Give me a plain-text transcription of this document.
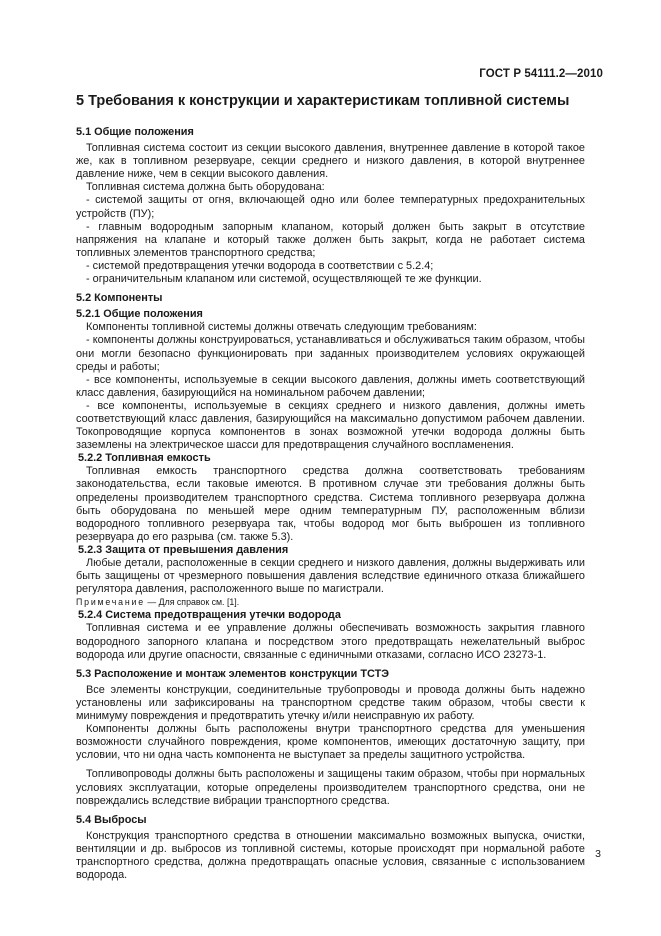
ГОСТ Р 54111.2—2010
5 Требования к конструкции и характеристикам топливной системы
5.1 Общие положения

Топливная система состоит из секции высокого давления, внутреннее давление в которой такое же, как в топливном резервуаре, секции среднего и низкого давления, в которой внутреннее давление ниже, чем в секции высокого давления.

Топливная система должна быть оборудована:

- системой защиты от огня, включающей одно или более температурных предохранительных устройств (ПУ);

- главным водородным запорным клапаном, который должен быть закрыт в отсутствие напряжения на клапане и который также должен быть закрыт, когда не работает система топливных элементов транспортного средства;

- системой предотвращения утечки водорода в соответствии с 5.2.4;

- ограничительным клапаном или системой, осуществляющей те же функции.

5.2 Компоненты
5.2.1 Общие положения

Компоненты топливной системы должны отвечать следующим требованиям:

- компоненты должны конструироваться, устанавливаться и обслуживаться таким образом, чтобы они могли безопасно функционировать при заданных производителем условиях окружающей среды и работы;

- все компоненты, используемые в секции высокого давления, должны иметь соответствующий класс давления, базирующийся на номинальном рабочем давлении;

- все компоненты, используемые в секциях среднего и низкого давления, должны иметь соответствующий класс давления, базирующийся на максимально допустимом рабочем давлении. Токопроводящие корпуса компонентов в зонах возможной утечки водорода должны быть заземлены на электрическое шасси для предотвращения случайного воспламенения.

5.2.2 Топливная емкость

Топливная емкость транспортного средства должна соответствовать требованиям законодательства, если таковые имеются. В противном случае эти требования должны быть определены производителем транспортного средства. Система топливного резервуара должна быть оборудована по меньшей мере одним температурным ПУ, расположенным вблизи водородного топливного резервуара так, чтобы водород мог быть выброшен из топливного резервуара до его разрыва (см. также 5.3).

5.2.3 Защита от превышения давления

Любые детали, расположенные в секции среднего и низкого давления, должны выдерживать или быть защищены от чрезмерного повышения давления вследствие единичного отказа ближайшего регулятора давления, расположенного выше по магистрали.

Примечание — Для справок см. [1].

5.2.4 Система предотвращения утечки водорода

Топливная система и ее управление должны обеспечивать возможность закрытия главного водородного запорного клапана и посредством этого предотвращать нежелательный выброс водорода или другие опасности, связанные с единичными отказами, согласно ИСО 23273-1.

5.3 Расположение и монтаж элементов конструкции ТСТЭ

Все элементы конструкции, соединительные трубопроводы и провода должны быть надежно установлены или зафиксированы на транспортном средстве таким образом, чтобы свести к минимуму повреждения и предотвратить утечку и/или неисправную их работу.

Компоненты должны быть расположены внутри транспортного средства для уменьшения возможности случайного повреждения, кроме компонентов, имеющих достаточную защиту, при условии, что ни одна часть компонента не выступает за пределы защитного устройства.

Топливопроводы должны быть расположены и защищены таким образом, чтобы при нормальных условиях эксплуатации, которые определены производителем транспортного средства, они не повреждались вследствие вибрации транспортного средства.

5.4 Выбросы

Конструкция транспортного средства в отношении максимально возможных выпуска, очистки, вентиляции и др. выбросов из топливной системы, которые происходят при нормальной работе транспортного средства, должна предотвращать опасные условия, связанные с использованием водорода.

3
